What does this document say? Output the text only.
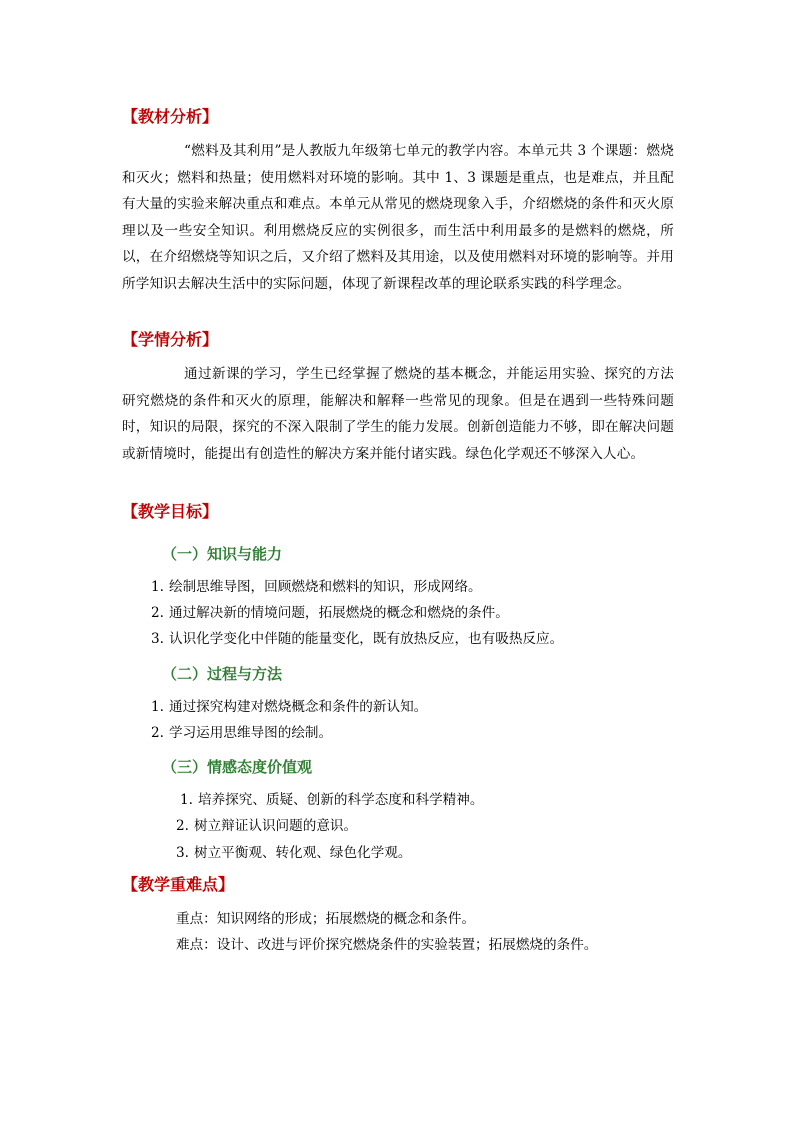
【教材分析】

“燃料及其利用”是人教版九年级第七单元的教学内容。本单元共 3 个课题：燃烧和灭火；燃料和热量；使用燃料对环境的影响。其中 1、3 课题是重点，也是难点，并且配有大量的实验来解决重点和难点。本单元从常见的燃烧现象入手，介绍燃烧的条件和灭火原理以及一些安全知识。利用燃烧反应的实例很多，而生活中利用最多的是燃料的燃烧，所以，在介绍燃烧等知识之后，又介绍了燃料及其用途，以及使用燃料对环境的影响等。并用所学知识去解决生活中的实际问题，体现了新课程改革的理论联系实践的科学理念。

【学情分析】

通过新课的学习，学生已经掌握了燃烧的基本概念，并能运用实验、探究的方法研究燃烧的条件和灭火的原理，能解决和解释一些常见的现象。但是在遇到一些特殊问题时，知识的局限，探究的不深入限制了学生的能力发展。创新创造能力不够，即在解决问题或新情境时，能提出有创造性的解决方案并能付诸实践。绿色化学观还不够深入人心。

【教学目标】
（一）知识与能力
1. 绘制思维导图，回顾燃烧和燃料的知识，形成网络。
2. 通过解决新的情境问题，拓展燃烧的概念和燃烧的条件。
3. 认识化学变化中伴随的能量变化，既有放热反应，也有吸热反应。
（二）过程与方法
1. 通过探究构建对燃烧概念和条件的新认知。
2. 学习运用思维导图的绘制。
（三）情感态度价值观
1. 培养探究、质疑、创新的科学态度和科学精神。
2. 树立辩证认识问题的意识。
3. 树立平衡观、转化观、绿色化学观。
【教学重难点】
重点：知识网络的形成；拓展燃烧的概念和条件。
难点：设计、改进与评价探究燃烧条件的实验装置；拓展燃烧的条件。
